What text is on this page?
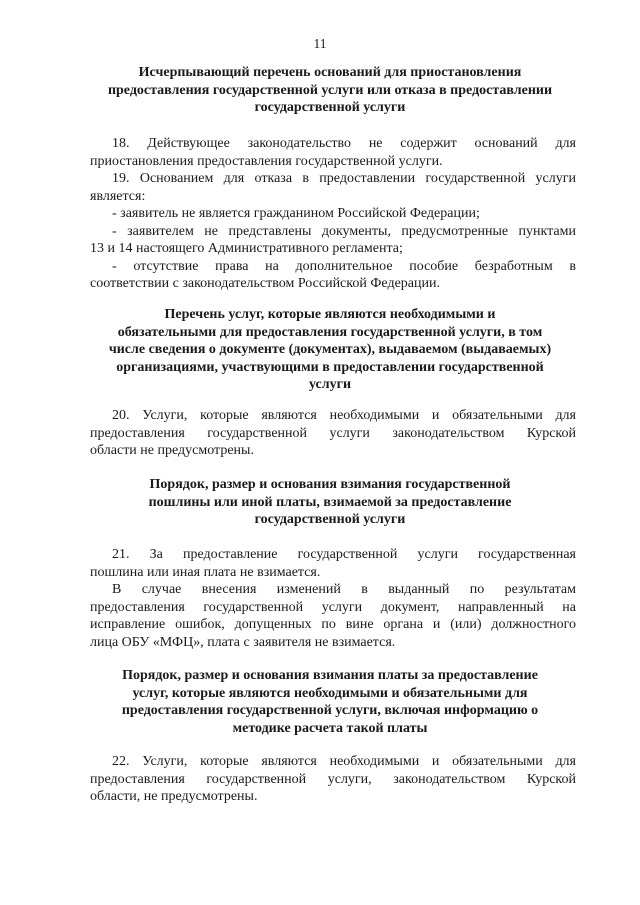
11
Исчерпывающий перечень оснований для приостановления
предоставления государственной услуги или отказа в предоставлении
государственной услуги
18. Действующее законодательство не содержит оснований для
приостановления предоставления государственной услуги.
19. Основанием для отказа в предоставлении государственной услуги
является:
- заявитель не является гражданином Российской Федерации;
- заявителем не представлены документы, предусмотренные пунктами
13 и 14 настоящего Административного регламента;
- отсутствие права на дополнительное пособие безработным в
соответствии с законодательством Российской Федерации.
Перечень услуг, которые являются необходимыми и
обязательными для предоставления государственной услуги, в том
числе сведения о документе (документах), выдаваемом (выдаваемых)
организациями, участвующими в предоставлении государственной
услуги
20. Услуги, которые являются необходимыми и обязательными для
предоставления государственной услуги законодательством Курской
области не предусмотрены.
Порядок, размер и основания взимания государственной
пошлины или иной платы, взимаемой за предоставление
государственной услуги
21. За предоставление государственной услуги государственная
пошлина или иная плата не взимается.
В случае внесения изменений в выданный по результатам
предоставления государственной услуги документ, направленный на
исправление ошибок, допущенных по вине органа и (или) должностного
лица ОБУ «МФЦ», плата с заявителя не взимается.
Порядок, размер и основания взимания платы за предоставление
услуг, которые являются необходимыми и обязательными для
предоставления государственной услуги, включая информацию о
методике расчета такой платы
22. Услуги, которые являются необходимыми и обязательными для
предоставления государственной услуги, законодательством Курской
области, не предусмотрены.
